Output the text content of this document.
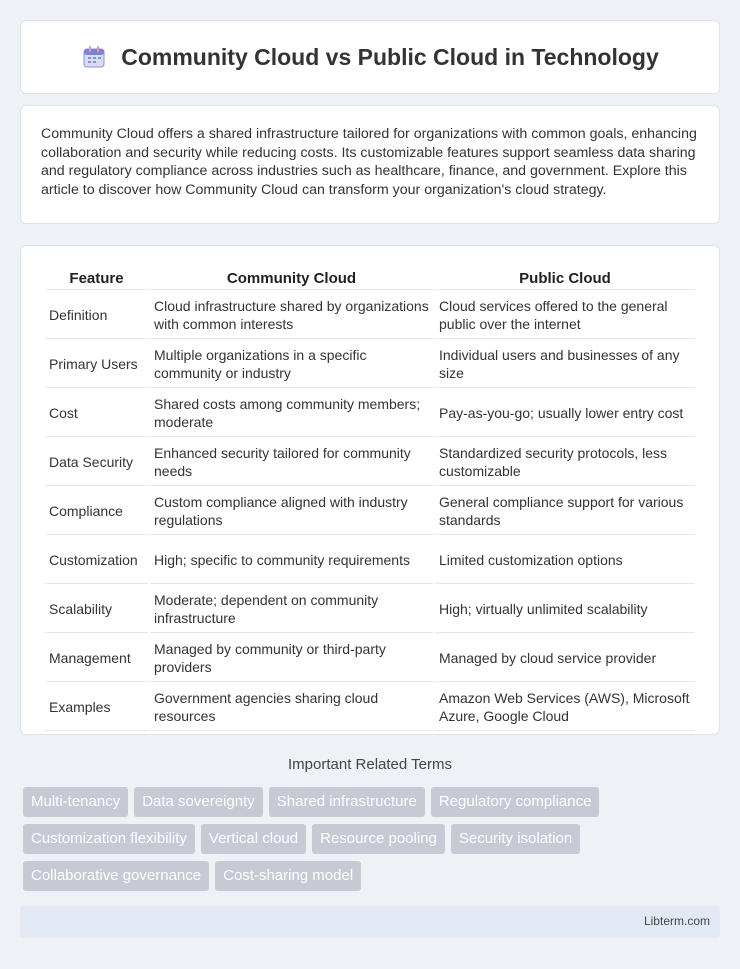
Community Cloud vs Public Cloud in Technology

Community Cloud offers a shared infrastructure tailored for organizations with common goals, enhancing collaboration and security while reducing costs. Its customizable features support seamless data sharing and regulatory compliance across industries such as healthcare, finance, and government. Explore this article to discover how Community Cloud can transform your organization's cloud strategy.

Feature	Community Cloud	Public Cloud
Definition	Cloud infrastructure shared by organizations with common interests	Cloud services offered to the general public over the internet
Primary Users	Multiple organizations in a specific community or industry	Individual users and businesses of any size
Cost	Shared costs among community members; moderate	Pay-as-you-go; usually lower entry cost
Data Security	Enhanced security tailored for community needs	Standardized security protocols, less customizable
Compliance	Custom compliance aligned with industry regulations	General compliance support for various standards
Customization	High; specific to community requirements	Limited customization options
Scalability	Moderate; dependent on community infrastructure	High; virtually unlimited scalability
Management	Managed by community or third-party providers	Managed by cloud service provider
Examples	Government agencies sharing cloud resources	Amazon Web Services (AWS), Microsoft Azure, Google Cloud
Important Related Terms
Multi-tenancy	Data sovereignty	Shared infrastructure	Regulatory compliance
Customization flexibility	Vertical cloud	Resource pooling	Security isolation
Collaborative governance	Cost-sharing model
Libterm.com
